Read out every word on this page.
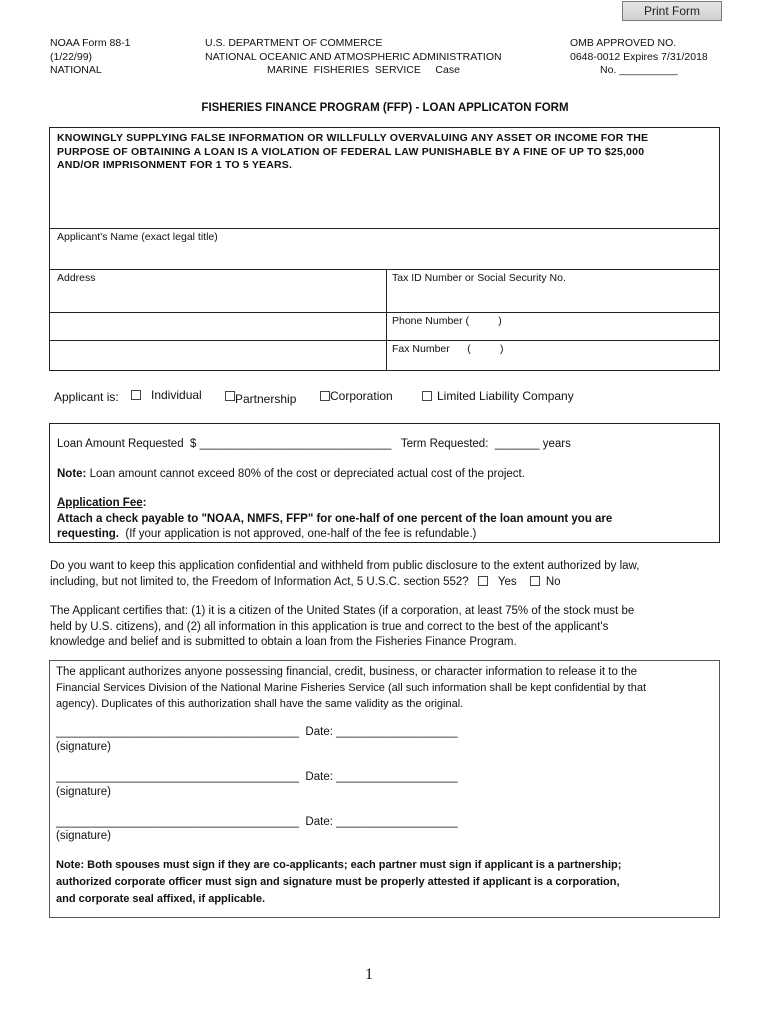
Print Form
NOAA Form 88-1
(1/22/99)
NATIONAL
U.S. DEPARTMENT OF COMMERCE
NATIONAL OCEANIC AND ATMOSPHERIC ADMINISTRATION
MARINE  FISHERIES  SERVICE     Case
OMB APPROVED NO.
0648-0012 Expires 7/31/2018
No. __________
FISHERIES FINANCE PROGRAM (FFP) - LOAN APPLICATON FORM
KNOWINGLY SUPPLYING FALSE INFORMATION OR WILLFULLY OVERVALUING ANY ASSET OR INCOME FOR THE
PURPOSE OF OBTAINING A LOAN IS A VIOLATION OF FEDERAL LAW PUNISHABLE BY A FINE OF UP TO $25,000
AND/OR IMPRISONMENT FOR 1 TO 5 YEARS.
Applicant's Name (exact legal title)
Address	Tax ID Number or Social Security No.
Phone Number (          )
Fax Number      (          )
Applicant is:	Individual	Partnership	Corporation	Limited Liability Company
Loan Amount Requested  $ ______________________________   Term Requested:  _______ years
Note: Loan amount cannot exceed 80% of the cost or depreciated actual cost of the project.
Application Fee:
Attach a check payable to "NOAA, NMFS, FFP" for one-half of one percent of the loan amount you are
requesting.  (If your application is not approved, one-half of the fee is refundable.)
Do you want to keep this application confidential and withheld from public disclosure to the extent authorized by law,
including, but not limited to, the Freedom of Information Act, 5 U.S.C. section 552?	Yes	No
The Applicant certifies that: (1) it is a citizen of the United States (if a corporation, at least 75% of the stock must be
held by U.S. citizens), and (2) all information in this application is true and correct to the best of the applicant's
knowledge and belief and is submitted to obtain a loan from the Fisheries Finance Program.
The applicant authorizes anyone possessing financial, credit, business, or character information to release it to the
Financial Services Division of the National Marine Fisheries Service (all such information shall be kept confidential by that
agency). Duplicates of this authorization shall have the same validity as the original.
______________________________________  Date: ___________________
(signature)
______________________________________  Date: ___________________
(signature)
______________________________________  Date: ___________________
(signature)
Note: Both spouses must sign if they are co-applicants; each partner must sign if applicant is a partnership;
authorized corporate officer must sign and signature must be properly attested if applicant is a corporation,
and corporate seal affixed, if applicable.
1
